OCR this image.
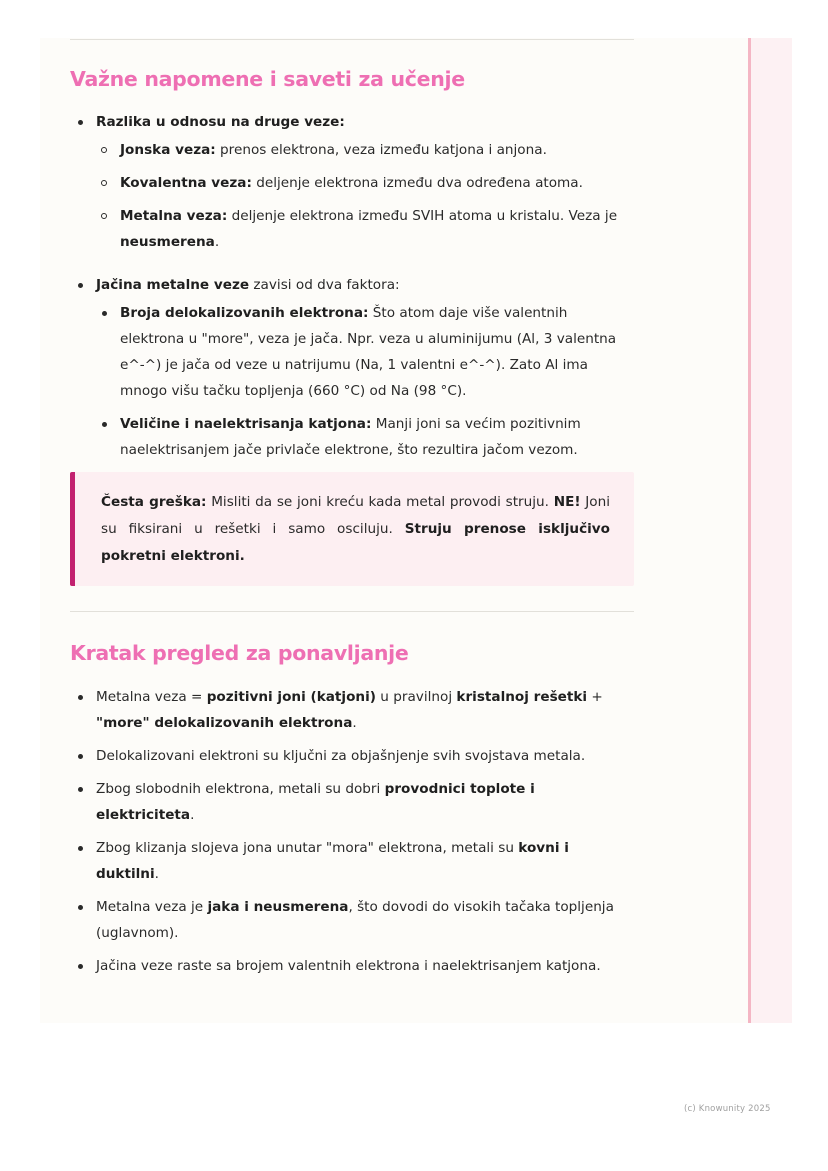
Važne napomene i saveti za učenje
Razlika u odnosu na druge veze:
Jonska veza: prenos elektrona, veza između katjona i anjona.
Kovalentna veza: deljenje elektrona između dva određena atoma.
Metalna veza: deljenje elektrona između SVIH atoma u kristalu. Veza je neusmerena.
Jačina metalne veze zavisi od dva faktora:
Broja delokalizovanih elektrona: Što atom daje više valentnih elektrona u "more", veza je jača. Npr. veza u aluminijumu (Al, 3 valentna e^-^) je jača od veze u natrijumu (Na, 1 valentni e^-^). Zato Al ima mnogo višu tačku topljenja (660 °C) od Na (98 °C).
Veličine i naelektrisanja katjona: Manji joni sa većim pozitivnim naelektrisanjem jače privlače elektrone, što rezultira jačom vezom.
Česta greška: Misliti da se joni kreću kada metal provodi struju. NE! Joni su fiksirani u rešetki i samo osciluju. Struju prenose isključivo pokretni elektroni.
Kratak pregled za ponavljanje
Metalna veza = pozitivni joni (katjoni) u pravilnoj kristalnoj rešetki + "more" delokalizovanih elektrona.
Delokalizovani elektroni su ključni za objašnjenje svih svojstava metala.
Zbog slobodnih elektrona, metali su dobri provodnici toplote i elektriciteta.
Zbog klizanja slojeva jona unutar "mora" elektrona, metali su kovni i duktilni.
Metalna veza je jaka i neusmerena, što dovodi do visokih tačaka topljenja (uglavnom).
Jačina veze raste sa brojem valentnih elektrona i naelektrisanjem katjona.
(c) Knowunity 2025
